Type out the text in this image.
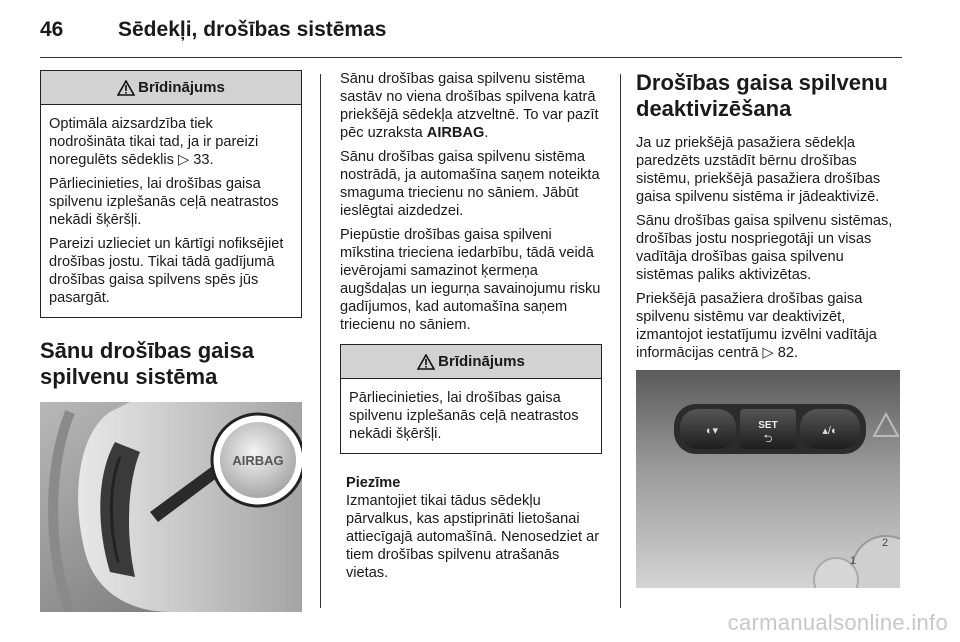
46	Sēdekļi, drošības sistēmas
Brīdinājums

Optimāla aizsardzība tiek nodrošināta tikai tad, ja ir pareizi noregulēts sēdeklis ▷ 33.

Pārliecinieties, lai drošības gaisa spilvenu izplešanās ceļā neatrastos nekādi šķēršļi.

Pareizi uzlieciet un kārtīgi nofiksējiet drošības jostu. Tikai tādā gadījumā drošības gaisa spilvens spēs jūs pasargāt.

Sānu drošības gaisa spilvenu sistēma
AIRBAG

Sānu drošības gaisa spilvenu sistēma sastāv no viena drošības spilvena katrā priekšējā sēdekļa atzveltnē. To var pazīt pēc uzraksta AIRBAG.

Sānu drošības gaisa spilvenu sistēma nostrādā, ja automašīna saņem noteikta smaguma triecienu no sāniem. Jābūt ieslēgtai aizdedzei.

Piepūstie drošības gaisa spilveni mīkstina trieciena iedarbību, tādā veidā ievērojami samazinot ķermeņa augšdaļas un iegurņa savainojumu risku gadījumos, kad automašīna saņem triecienu no sāniem.

Brīdinājums

Pārliecinieties, lai drošības gaisa spilvenu izplešanās ceļā neatrastos nekādi šķēršļi.

Piezīme
Izmantojiet tikai tādus sēdekļu pārvalkus, kas apstiprināti lietošanai attiecīgajā automašīnā. Nenosedziet ar tiem drošības spilvenu atrašanās vietas.
Drošības gaisa spilvenu deaktivizēšana

Ja uz priekšējā pasažiera sēdekļa paredzēts uzstādīt bērnu drošības sistēmu, priekšējā pasažiera drošības gaisa spilvenu sistēma ir jādeaktivizē.

Sānu drošības gaisa spilvenu sistēmas, drošības jostu nospriegotāji un visas vadītāja drošības gaisa spilvenu sistēmas paliks aktivizētas.

Priekšējā pasažiera drošības gaisa spilvenu sistēmu var deaktivizēt, izmantojot iestatījumu izvēlni vadītāja informācijas centrā ▷ 82.

◐▾	SET
⮌
▴/◐
2
1
carmanualsonline.info
